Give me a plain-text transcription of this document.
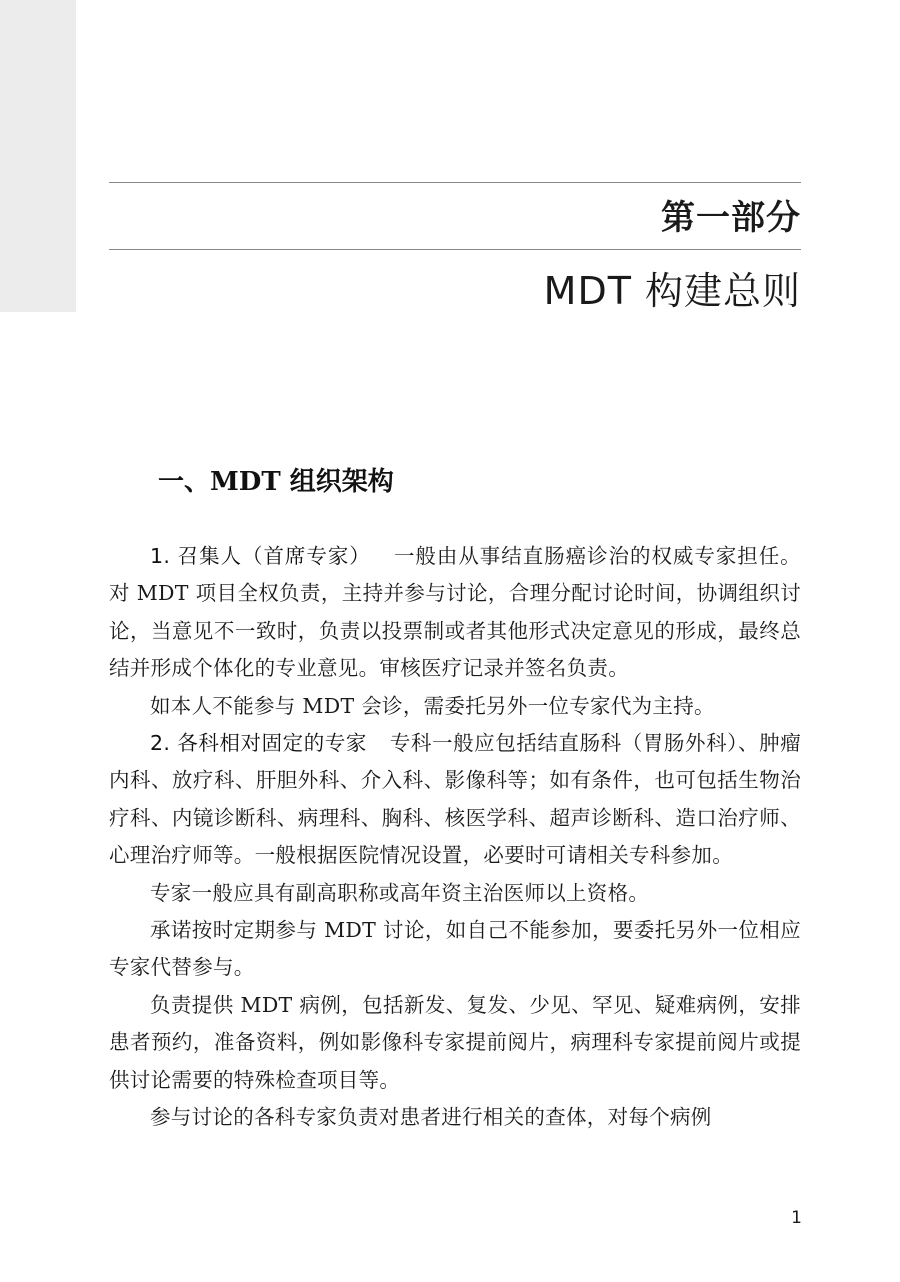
第一部分
MDT 构建总则
一、MDT 组织架构

1. 召集人（首席专家） 一般由从事结直肠癌诊治的权威专家担任。对 MDT 项目全权负责，主持并参与讨论，合理分配讨论时间，协调组织讨论，当意见不一致时，负责以投票制或者其他形式决定意见的形成，最终总结并形成个体化的专业意见。审核医疗记录并签名负责。

如本人不能参与 MDT 会诊，需委托另外一位专家代为主持。

2. 各科相对固定的专家 专科一般应包括结直肠科（胃肠外科）、肿瘤内科、放疗科、肝胆外科、介入科、影像科等；如有条件，也可包括生物治疗科、内镜诊断科、病理科、胸科、核医学科、超声诊断科、造口治疗师、心理治疗师等。一般根据医院情况设置，必要时可请相关专科参加。

专家一般应具有副高职称或高年资主治医师以上资格。

承诺按时定期参与 MDT 讨论，如自己不能参加，要委托另外一位相应专家代替参与。

负责提供 MDT 病例，包括新发、复发、少见、罕见、疑难病例，安排患者预约，准备资料，例如影像科专家提前阅片，病理科专家提前阅片或提供讨论需要的特殊检查项目等。

参与讨论的各科专家负责对患者进行相关的查体，对每个病例

1
